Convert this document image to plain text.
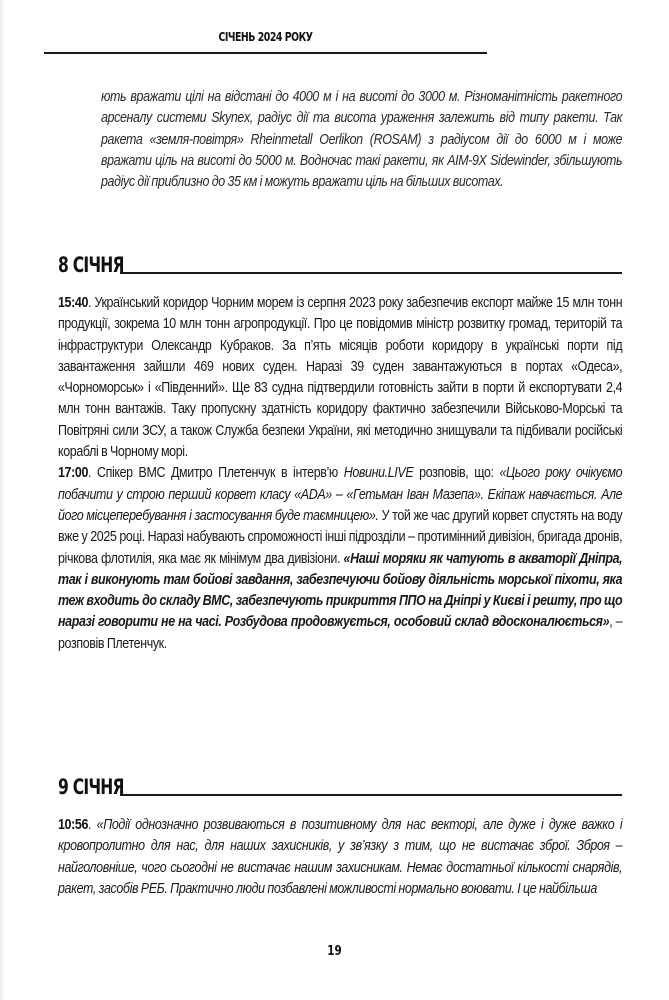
СІЧЕНЬ 2024 РОКУ
ють вражати цілі на відстані до 4000 м і на висоті до 3000 м. Різноманітність ракетного арсеналу системи Skynex, радіус дії та висота ураження залежить від типу ракети. Так ракета «земля-повітря» Rheinmetall Oerlikon (ROSAM) з радіусом дії до 6000 м і може вражати ціль на висоті до 5000 м. Водночас такі ракети, як AIM-9X Sidewinder, збільшують радіус дії приблизно до 35 км і можуть вражати ціль на більших висотах.
8 СІЧНЯ

15:40. Український коридор Чорним морем із серпня 2023 року забезпечив експорт майже 15 млн тонн продукції, зокрема 10 млн тонн агропродукції. Про це повідомив міністр розвитку громад, територій та інфраструктури Олександр Кубраков. За п’ять місяців роботи коридору в українські порти під завантаження зайшли 469 нових суден. Наразі 39 суден завантажуються в портах «Одеса», «Чорноморськ» і «Південний». Ще 83 судна підтвердили готовність зайти в порти й експортувати 2,4 млн тонн вантажів. Таку пропускну здатність коридору фактично забезпечили Військово-Морські та Повітряні сили ЗСУ, а також Служба безпеки України, які методично знищували та підбивали російські кораблі в Чорному морі.

17:00. Спікер ВМС Дмитро Плетенчук в інтерв’ю Новини.LIVE розповів, що: «Цього року очікуємо побачити у строю перший корвет класу «ADA» – «Гетьман Іван Мазепа». Екіпаж навчається. Але його місцеперебування і застосування буде таємницею». У той же час другий корвет спустять на воду вже у 2025 році. Наразі набувають спроможності інші підрозділи – протимінний дивізіон, бригада дронів, річкова флотилія, яка має як мінімум два дивізіони. «Наші моряки як чатують в акваторії Дніпра, так і виконують там бойові завдання, забезпечуючи бойову діяльність морської піхоти, яка теж входить до складу ВМС, забезпечують прикриття ППО на Дніпрі у Києві і решту, про що наразі говорити не на часі. Розбудова продовжується, особовий склад вдосконалюється», – розповів Плетенчук.

9 СІЧНЯ

10:56. «Події однозначно розвиваються в позитивному для нас векторі, але дуже і дуже важко і кровопролитно для нас, для наших захисників, у зв’язку з тим, що не вистачає зброї. Зброя – найголовніше, чого сьогодні не вистачає нашим захисникам. Немає достатньої кількості снарядів, ракет, засобів РЕБ. Практично люди позбавлені можливості нормально воювати. І це найбільша

19
